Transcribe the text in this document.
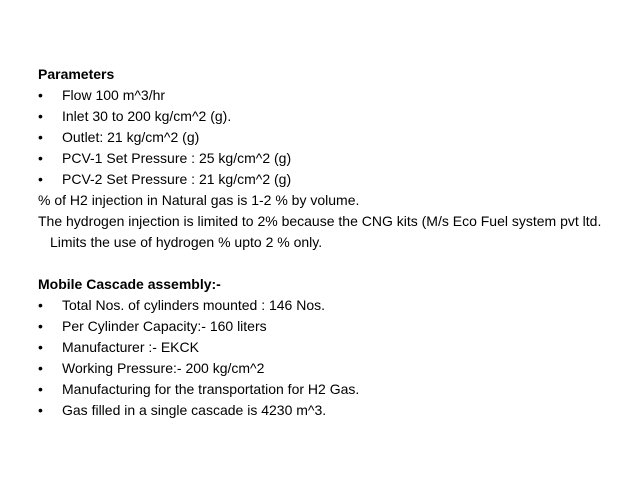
Parameters
•	Flow 100 m^3/hr
•	Inlet 30 to 200 kg/cm^2 (g).
•	Outlet: 21 kg/cm^2 (g)
•	PCV-1 Set Pressure : 25 kg/cm^2 (g)
•	PCV-2 Set Pressure : 21 kg/cm^2 (g)
% of H2 injection in Natural gas is 1-2 % by volume.
The hydrogen injection is limited to 2% because the CNG kits (M/s Eco Fuel system pvt ltd. Limits the use of hydrogen % upto 2 % only.
Mobile Cascade assembly:-
•	Total Nos. of cylinders mounted : 146 Nos.
•	Per Cylinder Capacity:- 160 liters
•	Manufacturer :- EKCK
•	Working Pressure:- 200 kg/cm^2
•	Manufacturing for the transportation for H2 Gas.
•	Gas filled in a single cascade is 4230 m^3.
